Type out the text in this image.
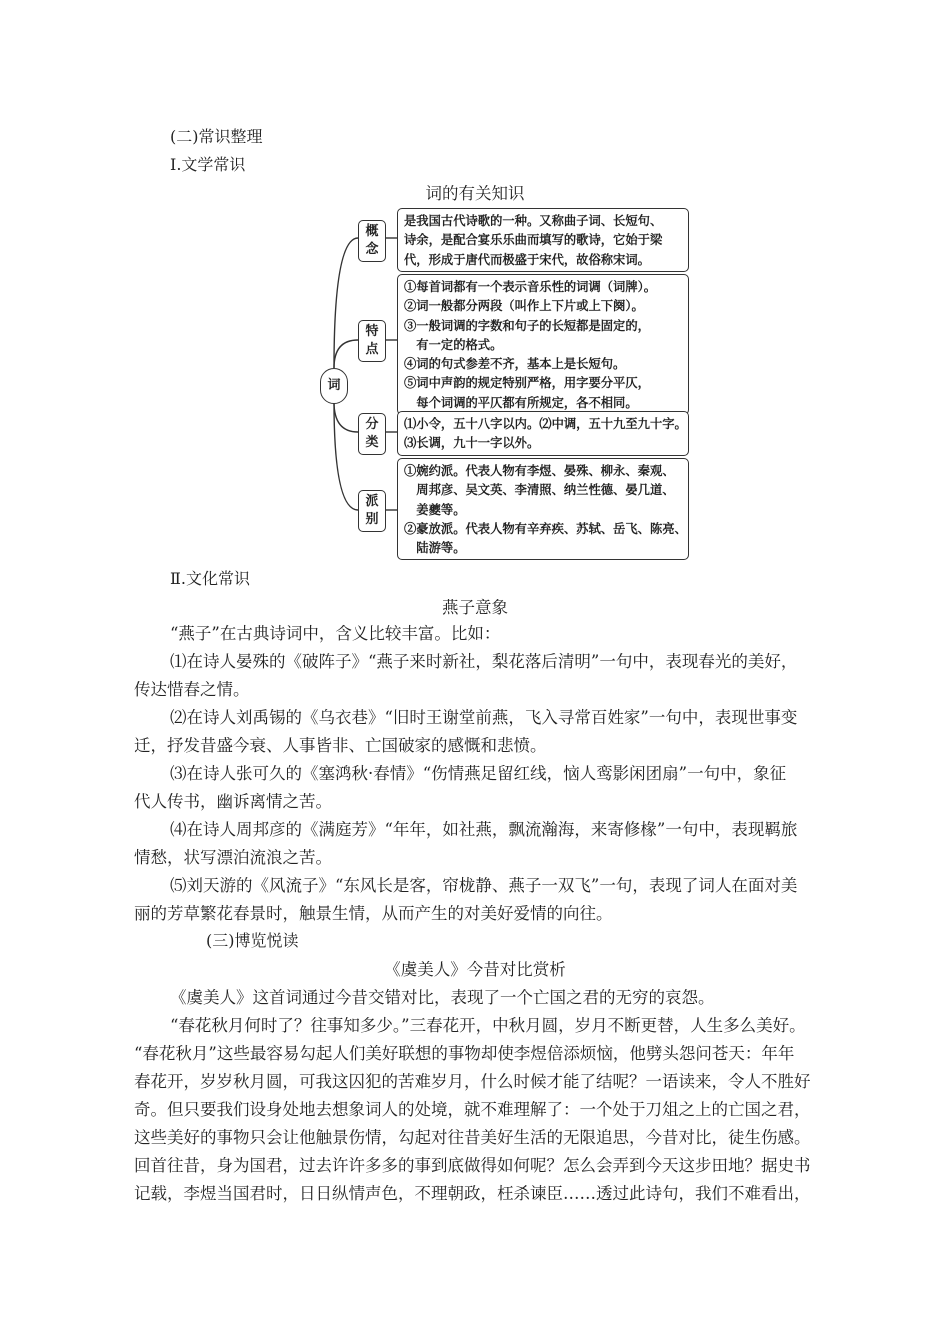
(二)常识整理
Ⅰ.文学常识
词的有关知识
词
概
念
是我国古代诗歌的一种。又称曲子词、长短句、
诗余，是配合宴乐乐曲而填写的歌诗，它始于梁
代，形成于唐代而极盛于宋代，故俗称宋词。
特
点
①每首词都有一个表示音乐性的词调（词牌）。
②词一般都分两段（叫作上下片或上下阕）。
③一般词调的字数和句子的长短都是固定的，
　有一定的格式。
④词的句式参差不齐，基本上是长短句。
⑤词中声韵的规定特别严格，用字要分平仄，
　每个词调的平仄都有所规定，各不相同。
分
类
⑴小令，五十八字以内。⑵中调，五十九至九十字。
⑶长调，九十一字以外。
派
别
①婉约派。代表人物有李煜、晏殊、柳永、秦观、
　周邦彦、吴文英、李清照、纳兰性德、晏几道、
　姜夔等。
②豪放派。代表人物有辛弃疾、苏轼、岳飞、陈亮、
　陆游等。
Ⅱ.文化常识
燕子意象
“燕子”在古典诗词中，含义比较丰富。比如：
⑴在诗人晏殊的《破阵子》“燕子来时新社，梨花落后清明”一句中，表现春光的美好，
传达惜春之情。
⑵在诗人刘禹锡的《乌衣巷》“旧时王谢堂前燕，飞入寻常百姓家”一句中，表现世事变
迁，抒发昔盛今衰、人事皆非、亡国破家的感慨和悲愤。
⑶在诗人张可久的《塞鸿秋·春情》“伤情燕足留红线，恼人鸾影闲团扇”一句中，象征
代人传书，幽诉离情之苦。
⑷在诗人周邦彦的《满庭芳》“年年，如社燕，飘流瀚海，来寄修椽”一句中，表现羁旅
情愁，状写漂泊流浪之苦。
⑸刘天游的《风流子》“东风长是客，帘栊静、燕子一双飞”一句，表现了词人在面对美
丽的芳草繁花春景时，触景生情，从而产生的对美好爱情的向往。
(三)博览悦读
《虞美人》今昔对比赏析
《虞美人》这首词通过今昔交错对比，表现了一个亡国之君的无穷的哀怨。
“春花秋月何时了？往事知多少。”三春花开，中秋月圆，岁月不断更替，人生多么美好。
“春花秋月”这些最容易勾起人们美好联想的事物却使李煜倍添烦恼，他劈头怨问苍天：年年
春花开，岁岁秋月圆，可我这囚犯的苦难岁月，什么时候才能了结呢？一语读来，令人不胜好
奇。但只要我们设身处地去想象词人的处境，就不难理解了：一个处于刀俎之上的亡国之君，
这些美好的事物只会让他触景伤情，勾起对往昔美好生活的无限追思，今昔对比，徒生伤感。
回首往昔，身为国君，过去许许多多的事到底做得如何呢？怎么会弄到今天这步田地？据史书
记载，李煜当国君时，日日纵情声色，不理朝政，枉杀谏臣……透过此诗句，我们不难看出，
